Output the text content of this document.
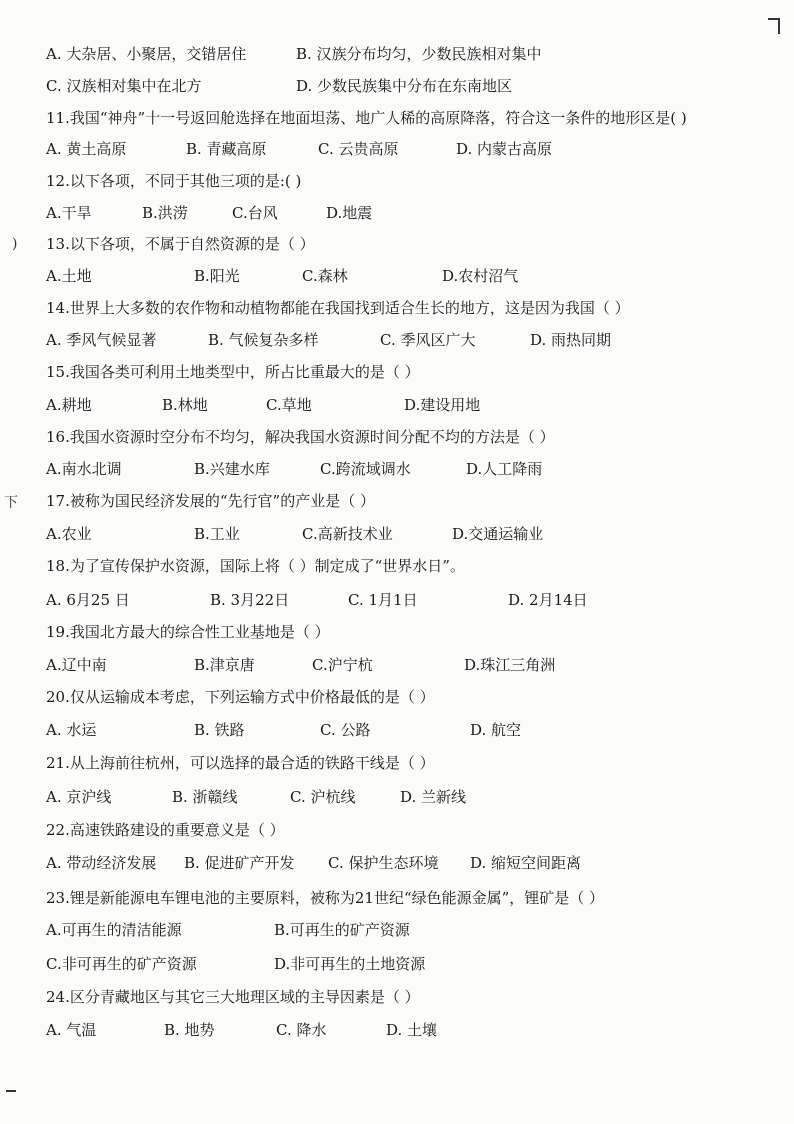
)
下
A. 大杂居、小聚居，交错居住	B. 汉族分布均匀，少数民族相对集中
C. 汉族相对集中在北方	D. 少数民族集中分布在东南地区
11.我国“神舟”十一号返回舱选择在地面坦荡、地广人稀的高原降落，符合这一条件的地形区是( )
A. 黄土高原	B. 青藏高原	C. 云贵高原	D. 内蒙古高原
12.以下各项，不同于其他三项的是:( )
A.干旱	B.洪涝	C.台风	D.地震
13.以下各项，不属于自然资源的是（ ）
A.土地	B.阳光	C.森林	D.农村沼气
14.世界上大多数的农作物和动植物都能在我国找到适合生长的地方，这是因为我国（ ）
A. 季风气候显著	B. 气候复杂多样	C. 季风区广大	D. 雨热同期
15.我国各类可利用土地类型中，所占比重最大的是（ ）
A.耕地	B.林地	C.草地	D.建设用地
16.我国水资源时空分布不均匀，解决我国水资源时间分配不均的方法是（ ）
A.南水北调	B.兴建水库	C.跨流域调水	D.人工降雨
17.被称为国民经济发展的“先行官”的产业是（ ）
A.农业	B.工业	C.高新技术业	D.交通运输业
18.为了宣传保护水资源，国际上将（ ）制定成了“世界水日”。
A. 6月25 日	B. 3月22日	C. 1月1日	D. 2月14日
19.我国北方最大的综合性工业基地是（ ）
A.辽中南	B.津京唐	C.沪宁杭	D.珠江三角洲
20.仅从运输成本考虑，下列运输方式中价格最低的是（ ）
A. 水运	B. 铁路	C. 公路	D. 航空
21.从上海前往杭州，可以选择的最合适的铁路干线是（ ）
A. 京沪线	B. 浙赣线	C. 沪杭线	D. 兰新线
22.高速铁路建设的重要意义是（ ）
A. 带动经济发展 B. 促进矿产开发 C. 保护生态环境 D. 缩短空间距离
23.锂是新能源电车锂电池的主要原料，被称为21世纪“绿色能源金属”，锂矿是（ ）
A.可再生的清洁能源	B.可再生的矿产资源
C.非可再生的矿产资源	D.非可再生的土地资源
24.区分青藏地区与其它三大地理区域的主导因素是（ ）
A. 气温	B. 地势	C. 降水	D. 土壤
